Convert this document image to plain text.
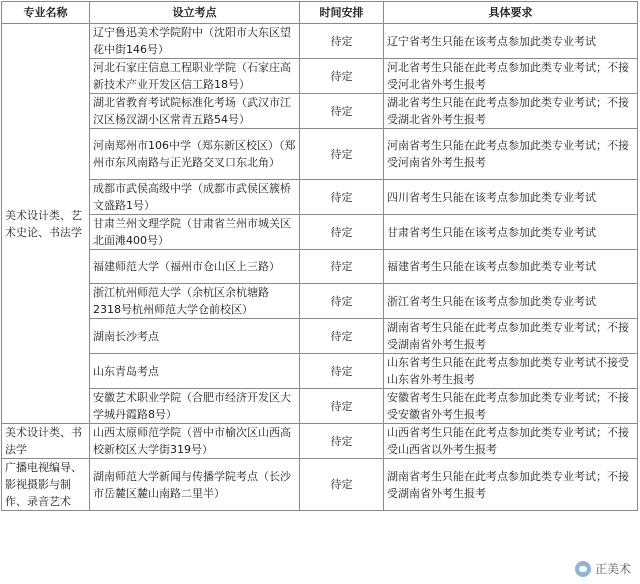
专业名称	设立考点	时间安排	具体要求
美术设计类、艺术史论、书法学	辽宁鲁迅美术学院附中（沈阳市大东区望花中街146号）	待定	辽宁省考生只能在该考点参加此类专业考试
	河北石家庄信息工程职业学院（石家庄高新技术产业开发区信工路18号）	待定	河北省考生只能在此考点参加此类专业考试；不接受河北省外考生报考
	湖北省教育考试院标准化考场（武汉市江汉区杨汊湖小区常青五路54号）	待定	湖北省考生只能在此考点参加此类专业考试；不接受湖北省外考生报考
	河南郑州市106中学（郑东新区校区）（郑州市东风南路与正光路交叉口东北角）	待定	河南省考生只能在此考点参加此类专业考试；不接受河南省外考生报考
	成都市武侯高级中学（成都市武侯区簇桥文盛路1号）	待定	四川省考生只能在该考点参加此类专业考试
	甘肃兰州文理学院（甘肃省兰州市城关区北面滩400号）	待定	甘肃省考生只能在该考点参加此类专业考试
	福建师范大学（福州市仓山区上三路）	待定	福建省考生只能在该考点参加此类专业考试
	浙江杭州师范大学（余杭区余杭塘路2318号杭州师范大学仓前校区）	待定	浙江省考生只能在该考点参加此类专业考试
	湖南长沙考点	待定	湖南省考生只能在此考点参加此类专业考试；不接受湖南省外考生报考
	山东青岛考点	待定	山东省考生只能在此考点参加此类专业考试不接受山东省外考生报考
	安徽艺术职业学院（合肥市经济开发区大学城丹霞路8号）	待定	安徽省考生只能在此考点参加此类专业考试；不接受安徽省外考生报考
美术设计类、书法学	山西太原师范学院（晋中市榆次区山西高校新校区大学街319号）	待定	山西省考生只能在此考点参加此类专业考试；不接受山西省以外考生报考
广播电视编导、影视摄影与制作、录音艺术	湖南师范大学新闻与传播学院考点（长沙市岳麓区麓山南路二里半）	待定	湖南省考生只能在此考点参加此类专业考试；不接受湖南省外考生报考
正美术
